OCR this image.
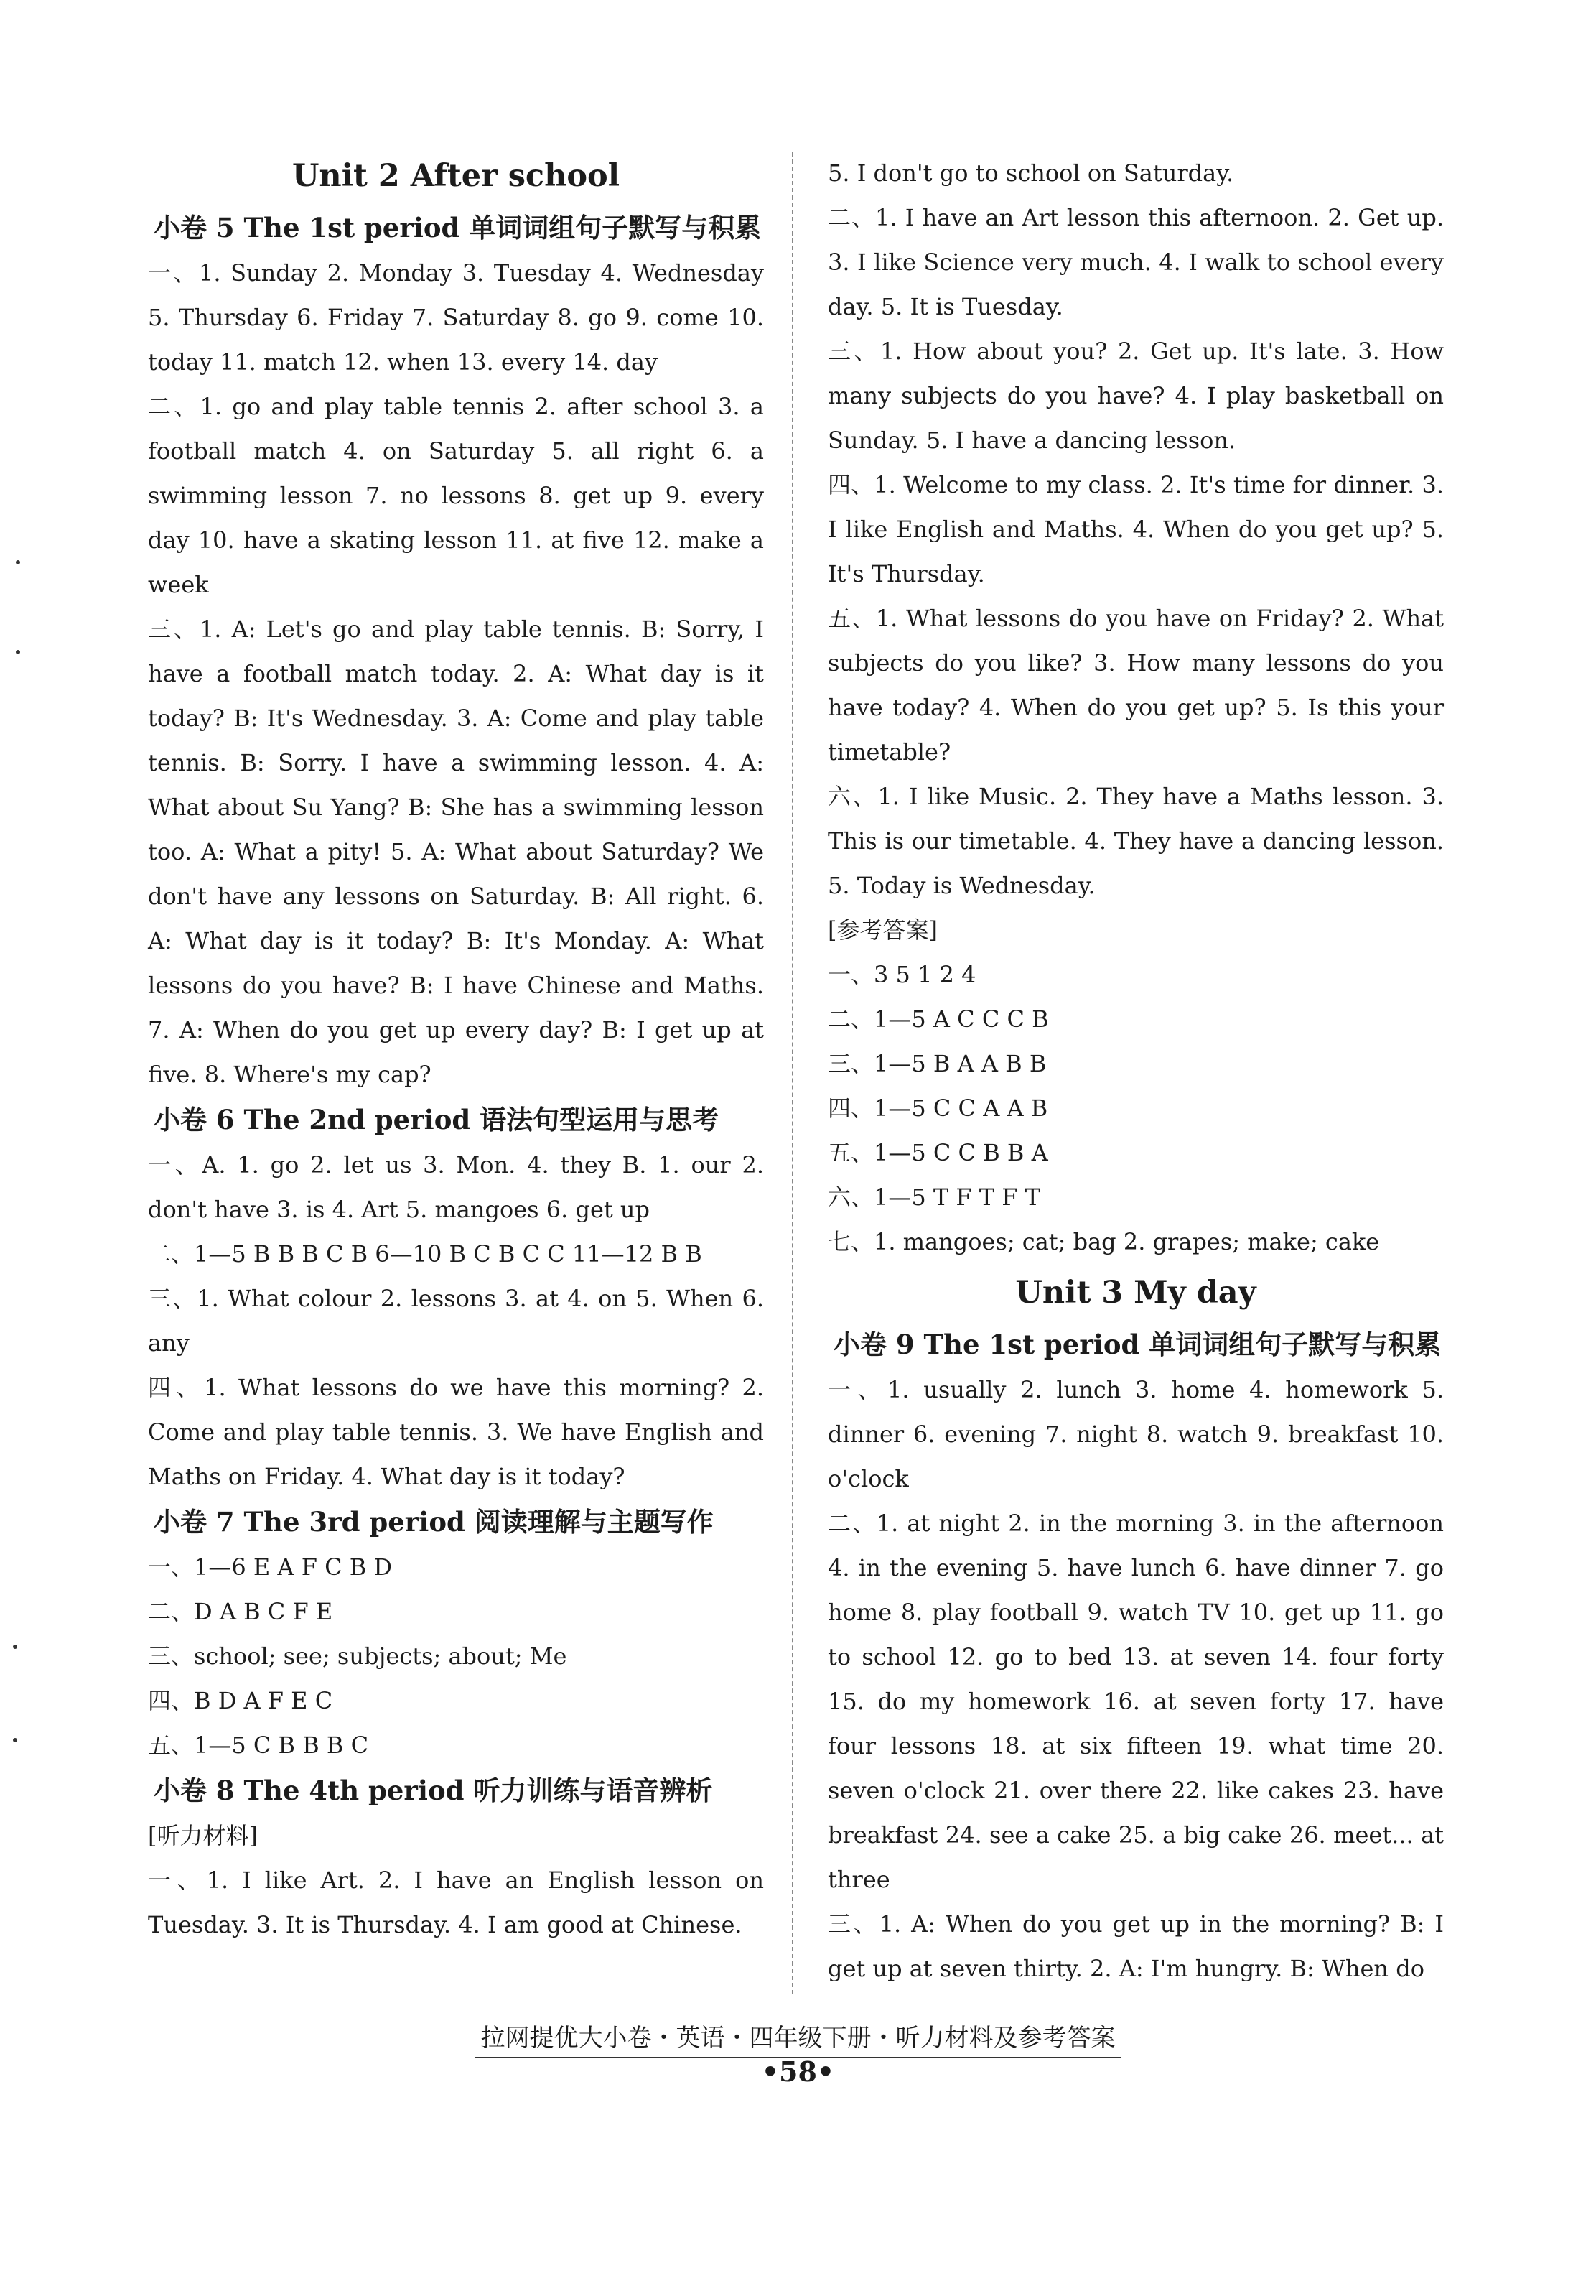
Unit 2 After school
小卷 5 The 1st period 单词词组句子默写与积累

一、1. Sunday 2. Monday 3. Tuesday 4. Wednesday 5. Thursday 6. Friday 7. Saturday 8. go 9. come 10. today 11. match 12. when 13. every 14. day

二、1. go and play table tennis 2. after school 3. a football match 4. on Saturday 5. all right 6. a swimming lesson 7. no lessons 8. get up 9. every day 10. have a skating lesson 11. at five 12. make a week

三、1. A: Let's go and play table tennis. B: Sorry, I have a football match today. 2. A: What day is it today? B: It's Wednesday. 3. A: Come and play table tennis. B: Sorry. I have a swimming lesson. 4. A: What about Su Yang? B: She has a swimming lesson too. A: What a pity! 5. A: What about Saturday? We don't have any lessons on Saturday. B: All right. 6. A: What day is it today? B: It's Monday. A: What lessons do you have? B: I have Chinese and Maths. 7. A: When do you get up every day? B: I get up at five. 8. Where's my cap?

小卷 6 The 2nd period 语法句型运用与思考

一、A. 1. go 2. let us 3. Mon. 4. they B. 1. our 2. don't have 3. is 4. Art 5. mangoes 6. get up

二、1—5 B B B C B 6—10 B C B C C 11—12 B B

三、1. What colour 2. lessons 3. at 4. on 5. When 6. any

四、1. What lessons do we have this morning? 2. Come and play table tennis. 3. We have English and Maths on Friday. 4. What day is it today?

小卷 7 The 3rd period 阅读理解与主题写作

一、1—6 E A F C B D

二、D A B C F E

三、school; see; subjects; about; Me

四、B D A F E C

五、1—5 C B B B C

小卷 8 The 4th period 听力训练与语音辨析

[听力材料]

一、1. I like Art. 2. I have an English lesson on Tuesday. 3. It is Thursday. 4. I am good at Chinese.

5. I don't go to school on Saturday.

二、1. I have an Art lesson this afternoon. 2. Get up. 3. I like Science very much. 4. I walk to school every day. 5. It is Tuesday.

三、1. How about you? 2. Get up. It's late. 3. How many subjects do you have? 4. I play basketball on Sunday. 5. I have a dancing lesson.

四、1. Welcome to my class. 2. It's time for dinner. 3. I like English and Maths. 4. When do you get up? 5. It's Thursday.

五、1. What lessons do you have on Friday? 2. What subjects do you like? 3. How many lessons do you have today? 4. When do you get up? 5. Is this your timetable?

六、1. I like Music. 2. They have a Maths lesson. 3. This is our timetable. 4. They have a dancing lesson. 5. Today is Wednesday.

[参考答案]

一、3 5 1 2 4

二、1—5 A C C C B

三、1—5 B A A B B

四、1—5 C C A A B

五、1—5 C C B B A

六、1—5 T F T F T

七、1. mangoes; cat; bag 2. grapes; make; cake

Unit 3 My day
小卷 9 The 1st period 单词词组句子默写与积累

一、1. usually 2. lunch 3. home 4. homework 5. dinner 6. evening 7. night 8. watch 9. breakfast 10. o'clock

二、1. at night 2. in the morning 3. in the afternoon 4. in the evening 5. have lunch 6. have dinner 7. go home 8. play football 9. watch TV 10. get up 11. go to school 12. go to bed 13. at seven 14. four forty 15. do my homework 16. at seven forty 17. have four lessons 18. at six fifteen 19. what time 20. seven o'clock 21. over there 22. like cakes 23. have breakfast 24. see a cake 25. a big cake 26. meet... at three

三、1. A: When do you get up in the morning? B: I get up at seven thirty. 2. A: I'm hungry. B: When do

拉网提优大小卷・英语・四年级下册・听力材料及参考答案
•58•
